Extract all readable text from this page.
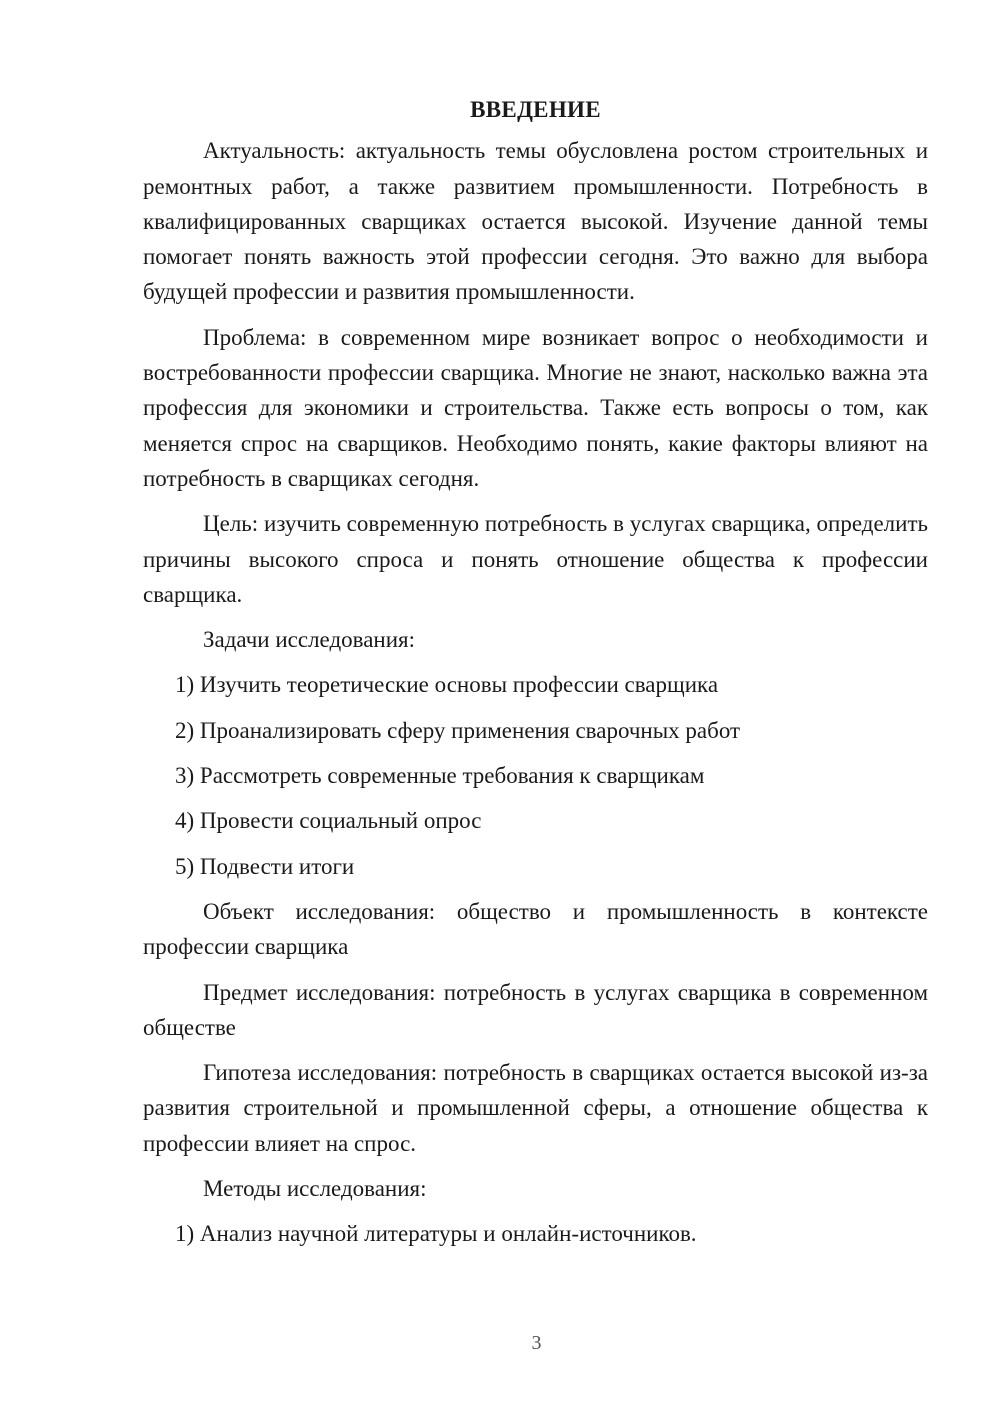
ВВЕДЕНИЕ

Актуальность: актуальность темы обусловлена ростом строительных и ремонтных работ, а также развитием промышленности. Потребность в квалифицированных сварщиках остается высокой. Изучение данной темы помогает понять важность этой профессии сегодня. Это важно для выбора будущей профессии и развития промышленности.

Проблема: в современном мире возникает вопрос о необходимости и востребованности профессии сварщика. Многие не знают, насколько важна эта профессия для экономики и строительства. Также есть вопросы о том, как меняется спрос на сварщиков. Необходимо понять, какие факторы влияют на потребность в сварщиках сегодня.

Цель: изучить современную потребность в услугах сварщика, определить причины высокого спроса и понять отношение общества к профессии сварщика.

Задачи исследования:
1) Изучить теоретические основы профессии сварщика
2) Проанализировать сферу применения сварочных работ
3) Рассмотреть современные требования к сварщикам
4) Провести социальный опрос
5) Подвести итоги

Объект исследования: общество и промышленность в контексте профессии сварщика

Предмет исследования: потребность в услугах сварщика в современном обществе

Гипотеза исследования: потребность в сварщиках остается высокой из-за развития строительной и промышленной сферы, а отношение общества к профессии влияет на спрос.

Методы исследования:
1) Анализ научной литературы и онлайн-источников.
3
